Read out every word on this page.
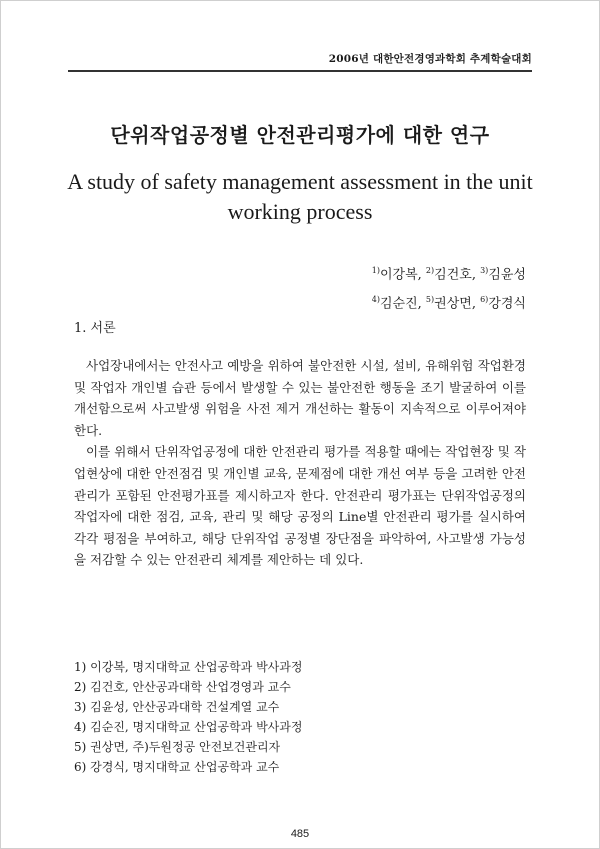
2006년 대한안전경영과학회 추계학술대회
단위작업공정별 안전관리평가에 대한 연구
A study of safety management assessment in the unit working process
$^{1)}$이강복, $^{2)}$김건호, $^{3)}$김윤성
$^{4)}$김순진, $^{5)}$권상면, $^{6)}$강경식
1. 서론

사업장내에서는 안전사고 예방을 위하여 불안전한 시설, 설비, 유해위험 작업환경 및 작업자 개인별 습관 등에서 발생할 수 있는 불안전한 행동을 조기 발굴하여 이를 개선함으로써 사고발생 위험을 사전 제거 개선하는 활동이 지속적으로 이루어져야 한다.

이를 위해서 단위작업공정에 대한 안전관리 평가를 적용할 때에는 작업현장 및 작업현상에 대한 안전점검 및 개인별 교육, 문제점에 대한 개선 여부 등을 고려한 안전관리가 포함된 안전평가표를 제시하고자 한다. 안전관리 평가표는 단위작업공정의 작업자에 대한 점검, 교육, 관리 및 해당 공정의 Line별 안전관리 평가를 실시하여 각각 평점을 부여하고, 해당 단위작업 공정별 장단점을 파악하여, 사고발생 가능성을 저감할 수 있는 안전관리 체계를 제안하는 데 있다.

1) 이강복, 명지대학교 산업공학과 박사과정
2) 김건호, 안산공과대학 산업경영과 교수
3) 김윤성, 안산공과대학 건설계열 교수
4) 김순진, 명지대학교 산업공학과 박사과정
5) 권상면, 주)두원정공 안전보건관리자
6) 강경식, 명지대학교 산업공학과 교수
485
